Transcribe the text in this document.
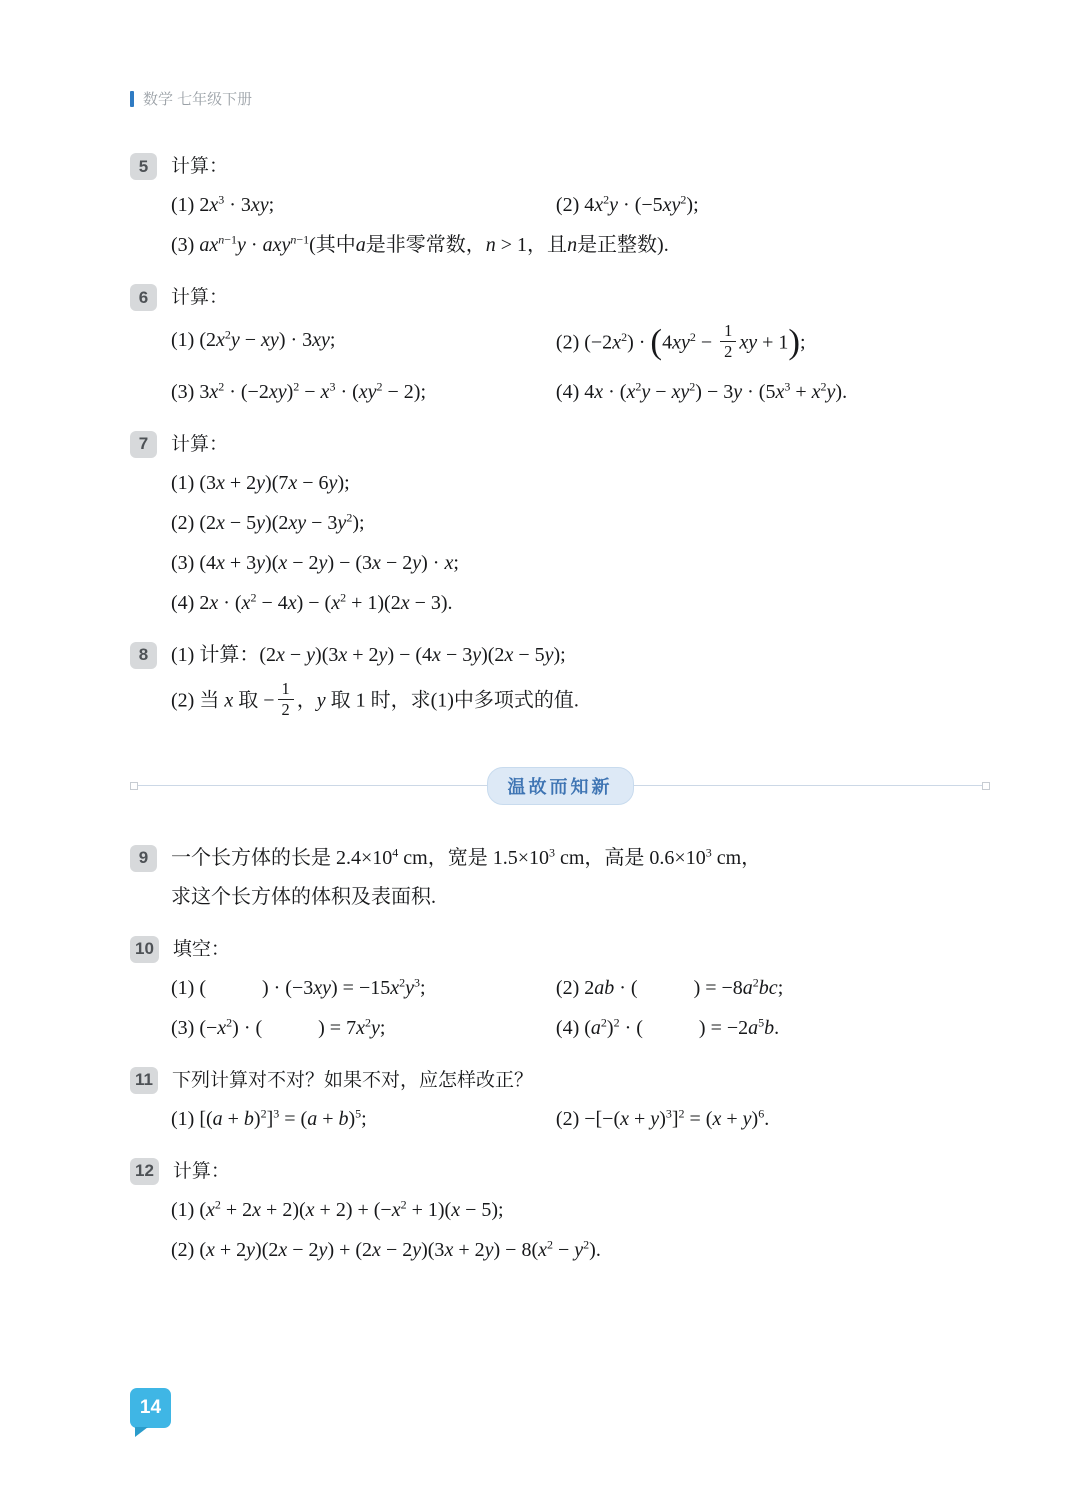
数学 七年级下册
5	计算：
(1) $2x^3 \cdot 3xy$;	(2) $4x^2y \cdot (-5xy^2)$;
(3) $ax^{n-1}y \cdot axy^{n-1}$(其中a是非零常数，n > 1，且n是正整数).
6	计算：
(1) $(2x^2y - xy) \cdot 3xy$;	(2) $(-2x^2) \cdot (4xy^2 - \frac{1}{2}$ xy + 1);
(3) $3x^2 \cdot (-2xy)^2 - x^3 \cdot (xy^2 - 2)$;	(4) $4x \cdot (x^2y - xy^2) - 3y \cdot (5x^3 + x^2y)$.
7	计算：
(1) (3x + 2y)(7x − 6y);
(2) $(2x - 5y)(2xy - 3y^2)$;
(3) (4x + 3y)(x − 2y) − (3x − 2y) · x;
(4) $2x \cdot (x^2 - 4x) - (x^2 + 1)(2x - 3)$.
8	(1) 计算：(2x − y)(3x + 2y) − (4x − 3y)(2x − 5y);
(2) 当 x 取 − $\frac{1}{2}$ ，y 取 1 时，求(1)中多项式的值.
温故而知新
9	一个长方体的长是 $2.4\times 10^4$ cm，宽是 $1.5\times 10^3$ cm，高是 $0.6\times 10^3$ cm，
求这个长方体的体积及表面积.
10 填空：
(1) (	) · $(-3xy) = -15x^2y^3$;	(2) 2ab · (	) = $-8a^2bc$;
(3) $(-x^2)$ · (	) = $7x^2y$;	(4) $(a^2)^2$ · (	) = $-2a^5b$.
11 下列计算对不对？如果不对，应怎样改正？
(1) $[(a + b)^2]^3 = (a + b)^5$;	$(2) -[-(x + y)^3]^2 = (x + y)^6$.
12 计算：
(1) $(x^2 + 2x + 2)(x + 2) + (-x^2 + 1)(x - 5)$;
(2) $(x + 2y)(2x - 2y) + (2x - 2y)(3x + 2y) - 8(x^2 - y^2)$.
14
